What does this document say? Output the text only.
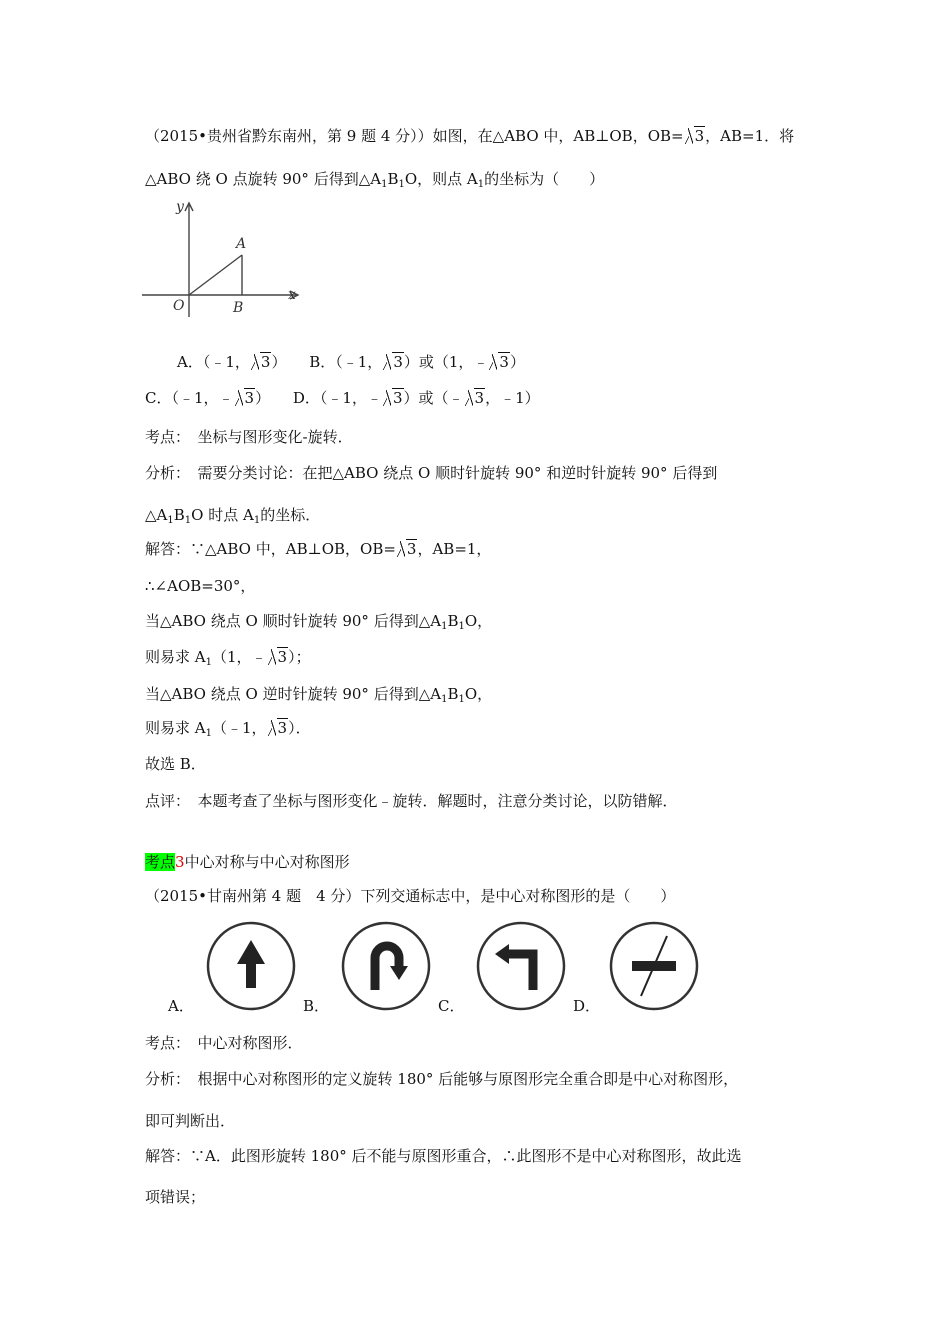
（2015•贵州省黔东南州，第 9 题 4 分））如图，在△ABO 中，AB⊥OB，OB= 3，AB=1．将
△ABO 绕 O 点旋转 90° 后得到$\triangle A_1B_1O$，则点 $A_1$的坐标为（　　）
y
x
A
O	B
A．（﹣1， 3） B．（﹣1， 3）或（1，﹣ 3）
C．（﹣1，﹣ 3） D．（﹣1，﹣ 3）或（﹣ 3，﹣1）
考点：　坐标与图形变化-旋转．
分析：　需要分类讨论：在把△ABO 绕点 O 顺时针旋转 90° 和逆时针旋转 90° 后得到
$\triangle A_1B_1O$ 时点 $A_1$的坐标．
解答：∵△ABO 中，AB⊥OB，OB= 3，AB=1，
∴∠AOB=30°，
当△ABO 绕点 O 顺时针旋转 90° 后得到$\triangle A_1B_1O$，
则易求 $A_1(1$，﹣ 3）；
当△ABO 绕点 O 逆时针旋转 90° 后得到$\triangle A_1B_1O$，
则易求 $A_1(﹣1$， 3）．
故选 B．
点评：　本题考查了坐标与图形变化﹣旋转．解题时，注意分类讨论，以防错解．
考点3中心对称与中心对称图形
（2015•甘南州第 4 题　4 分）下列交通标志中，是中心对称图形的是（　　）
A．	B．	C．	D．
考点：　中心对称图形．
分析：　根据中心对称图形的定义旋转 180° 后能够与原图形完全重合即是中心对称图形，
即可判断出．
解答：∵A．此图形旋转 180° 后不能与原图形重合，∴此图形不是中心对称图形，故此选
项错误；
